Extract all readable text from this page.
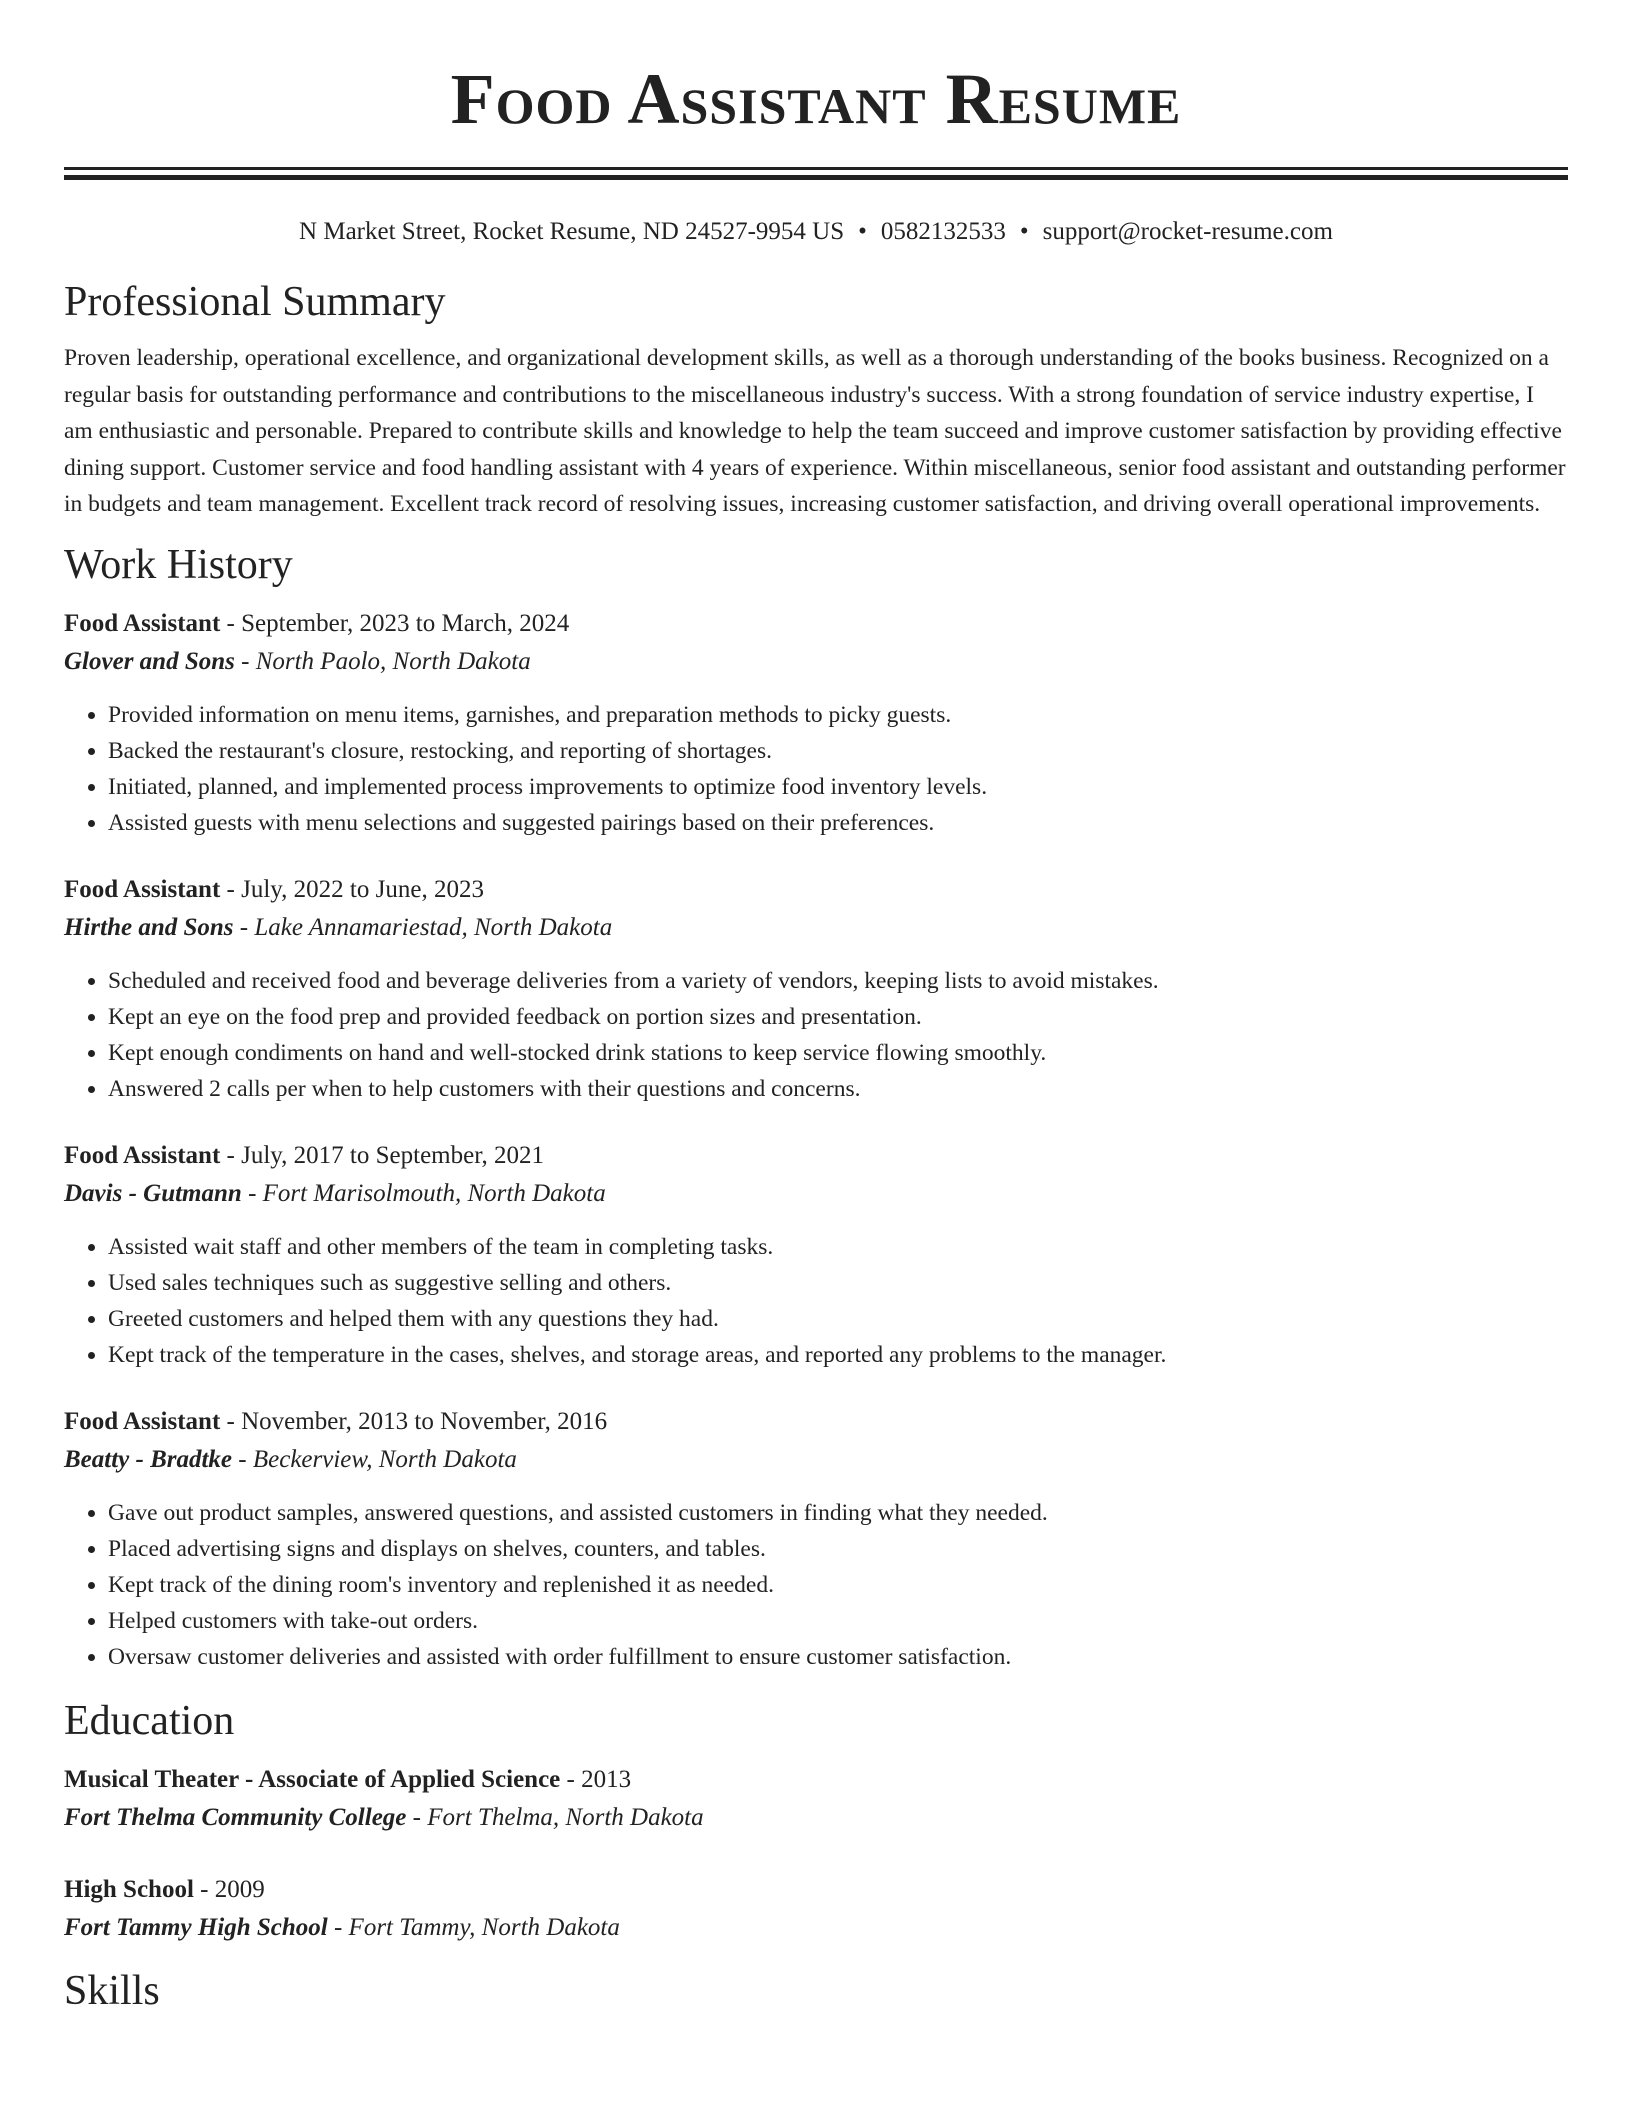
Food Assistant Resume
N Market Street, Rocket Resume, ND 24527-9954 US • 0582132533 • support@rocket-resume.com
Professional Summary

Proven leadership, operational excellence, and organizational development skills, as well as a thorough understanding of the books business. Recognized on a regular basis for outstanding performance and contributions to the miscellaneous industry's success. With a strong foundation of service industry expertise, I am enthusiastic and personable. Prepared to contribute skills and knowledge to help the team succeed and improve customer satisfaction by providing effective dining support. Customer service and food handling assistant with 4 years of experience. Within miscellaneous, senior food assistant and outstanding performer in budgets and team management. Excellent track record of resolving issues, increasing customer satisfaction, and driving overall operational improvements.

Work History
Food Assistant - September, 2023 to March, 2024
Glover and Sons - North Paolo, North Dakota
• Provided information on menu items, garnishes, and preparation methods to picky guests.
• Backed the restaurant's closure, restocking, and reporting of shortages.
• Initiated, planned, and implemented process improvements to optimize food inventory levels.
• Assisted guests with menu selections and suggested pairings based on their preferences.
Food Assistant - July, 2022 to June, 2023
Hirthe and Sons - Lake Annamariestad, North Dakota
• Scheduled and received food and beverage deliveries from a variety of vendors, keeping lists to avoid mistakes.
• Kept an eye on the food prep and provided feedback on portion sizes and presentation.
• Kept enough condiments on hand and well-stocked drink stations to keep service flowing smoothly.
• Answered 2 calls per when to help customers with their questions and concerns.
Food Assistant - July, 2017 to September, 2021
Davis - Gutmann - Fort Marisolmouth, North Dakota
• Assisted wait staff and other members of the team in completing tasks.
• Used sales techniques such as suggestive selling and others.
• Greeted customers and helped them with any questions they had.
• Kept track of the temperature in the cases, shelves, and storage areas, and reported any problems to the manager.
Food Assistant - November, 2013 to November, 2016
Beatty - Bradtke - Beckerview, North Dakota
• Gave out product samples, answered questions, and assisted customers in finding what they needed.
• Placed advertising signs and displays on shelves, counters, and tables.
• Kept track of the dining room's inventory and replenished it as needed.
• Helped customers with take-out orders.
• Oversaw customer deliveries and assisted with order fulfillment to ensure customer satisfaction.
Education
Musical Theater - Associate of Applied Science - 2013
Fort Thelma Community College - Fort Thelma, North Dakota
High School - 2009
Fort Tammy High School - Fort Tammy, North Dakota
Skills
